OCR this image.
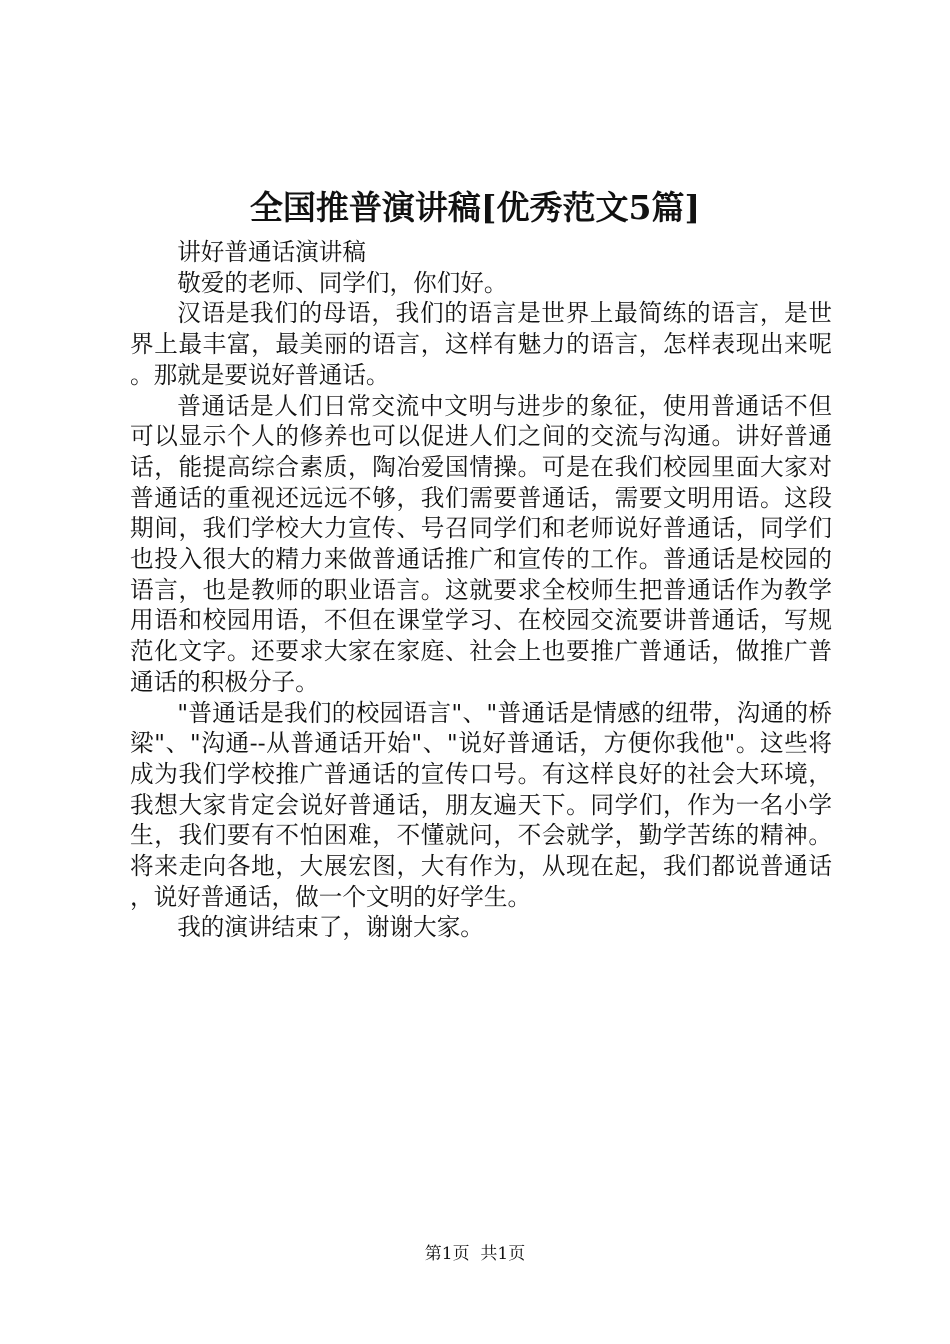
全国推普演讲稿[优秀范文5篇]

讲好普通话演讲稿

敬爱的老师、同学们，你们好。

汉语是我们的母语，我们的语言是世界上最简练的语言，是世界上最丰富，最美丽的语言，这样有魅力的语言，怎样表现出来呢。那就是要说好普通话。

普通话是人们日常交流中文明与进步的象征，使用普通话不但可以显示个人的修养也可以促进人们之间的交流与沟通。讲好普通话，能提高综合素质，陶冶爱国情操。可是在我们校园里面大家对普通话的重视还远远不够，我们需要普通话，需要文明用语。这段期间，我们学校大力宣传、号召同学们和老师说好普通话，同学们也投入很大的精力来做普通话推广和宣传的工作。普通话是校园的语言，也是教师的职业语言。这就要求全校师生把普通话作为教学用语和校园用语，不但在课堂学习、在校园交流要讲普通话，写规范化文字。还要求大家在家庭、社会上也要推广普通话，做推广普通话的积极分子。

"普通话是我们的校园语言"、"普通话是情感的纽带，沟通的桥梁"、"沟通--从普通话开始"、"说好普通话，方便你我他"。这些将成为我们学校推广普通话的宣传口号。有这样良好的社会大环境，我想大家肯定会说好普通话，朋友遍天下。同学们，作为一名小学生，我们要有不怕困难，不懂就问，不会就学，勤学苦练的精神。将来走向各地，大展宏图，大有作为，从现在起，我们都说普通话，说好普通话，做一个文明的好学生。

我的演讲结束了，谢谢大家。

第1页 共1页
